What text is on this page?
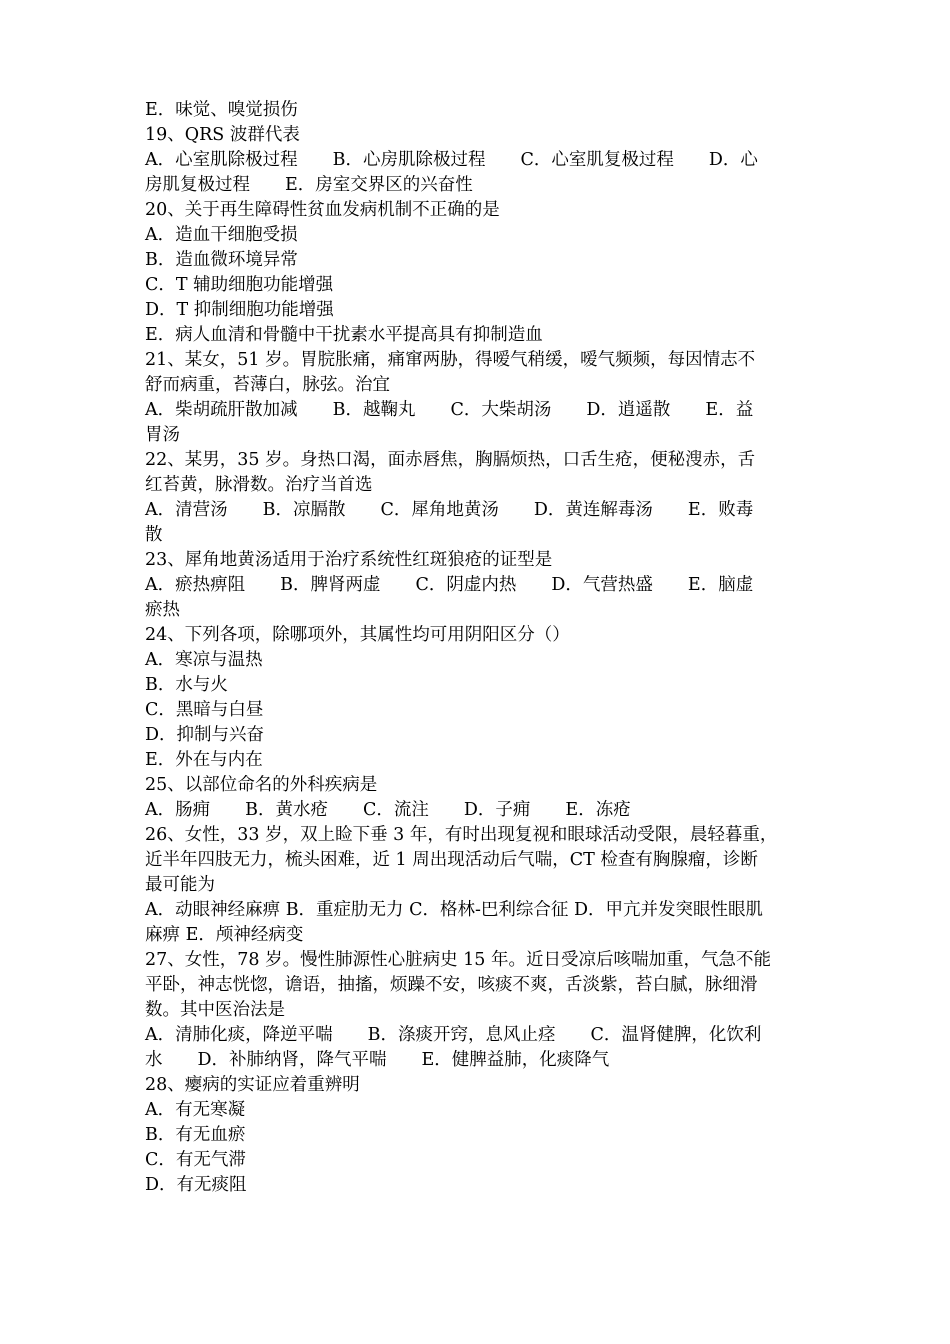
E．味觉、嗅觉损伤
19、QRS 波群代表
A．心室肌除极过程　　B．心房肌除极过程　　C．心室肌复极过程　　D．心
房肌复极过程　　E．房室交界区的兴奋性
20、关于再生障碍性贫血发病机制不正确的是
A．造血干细胞受损
B．造血微环境异常
C．T 辅助细胞功能增强
D．T 抑制细胞功能增强
E．病人血清和骨髓中干扰素水平提高具有抑制造血
21、某女，51 岁。胃脘胀痛，痛窜两胁，得嗳气稍缓，嗳气频频，每因情志不
舒而病重，苔薄白，脉弦。治宜
A．柴胡疏肝散加减　　B．越鞠丸　　C．大柴胡汤　　D．逍遥散　　E．益
胃汤
22、某男，35 岁。身热口渴，面赤唇焦，胸膈烦热，口舌生疮，便秘溲赤，舌
红苔黄，脉滑数。治疗当首选
A．清营汤　　B．凉膈散　　C．犀角地黄汤　　D．黄连解毒汤　　E．败毒
散
23、犀角地黄汤适用于治疗系统性红斑狼疮的证型是
A．瘀热痹阻　　B．脾肾两虚　　C．阴虚内热　　D．气营热盛　　E．脑虚
瘀热
24、下列各项，除哪项外，其属性均可用阴阳区分（）
A．寒凉与温热
B．水与火
C．黑暗与白昼
D．抑制与兴奋
E．外在与内在
25、以部位命名的外科疾病是
A．肠痈　　B．黄水疮　　C．流注　　D．子痈　　E．冻疮
26、女性，33 岁，双上睑下垂 3 年，有时出现复视和眼球活动受限，晨轻暮重，
近半年四肢无力，梳头困难，近 1 周出现活动后气喘，CT 检查有胸腺瘤，诊断
最可能为
A．动眼神经麻痹 B．重症肋无力 C．格林-巴利综合征 D．甲亢并发突眼性眼肌
麻痹 E．颅神经病变
27、女性，78 岁。慢性肺源性心脏病史 15 年。近日受凉后咳喘加重，气急不能
平卧，神志恍惚，谵语，抽搐，烦躁不安，咳痰不爽，舌淡紫，苔白腻，脉细滑
数。其中医治法是
A．清肺化痰，降逆平喘　　B．涤痰开窍，息风止痉　　C．温肾健脾，化饮利
水　　D．补肺纳肾，降气平喘　　E．健脾益肺，化痰降气
28、瘿病的实证应着重辨明
A．有无寒凝
B．有无血瘀
C．有无气滞
D．有无痰阻
